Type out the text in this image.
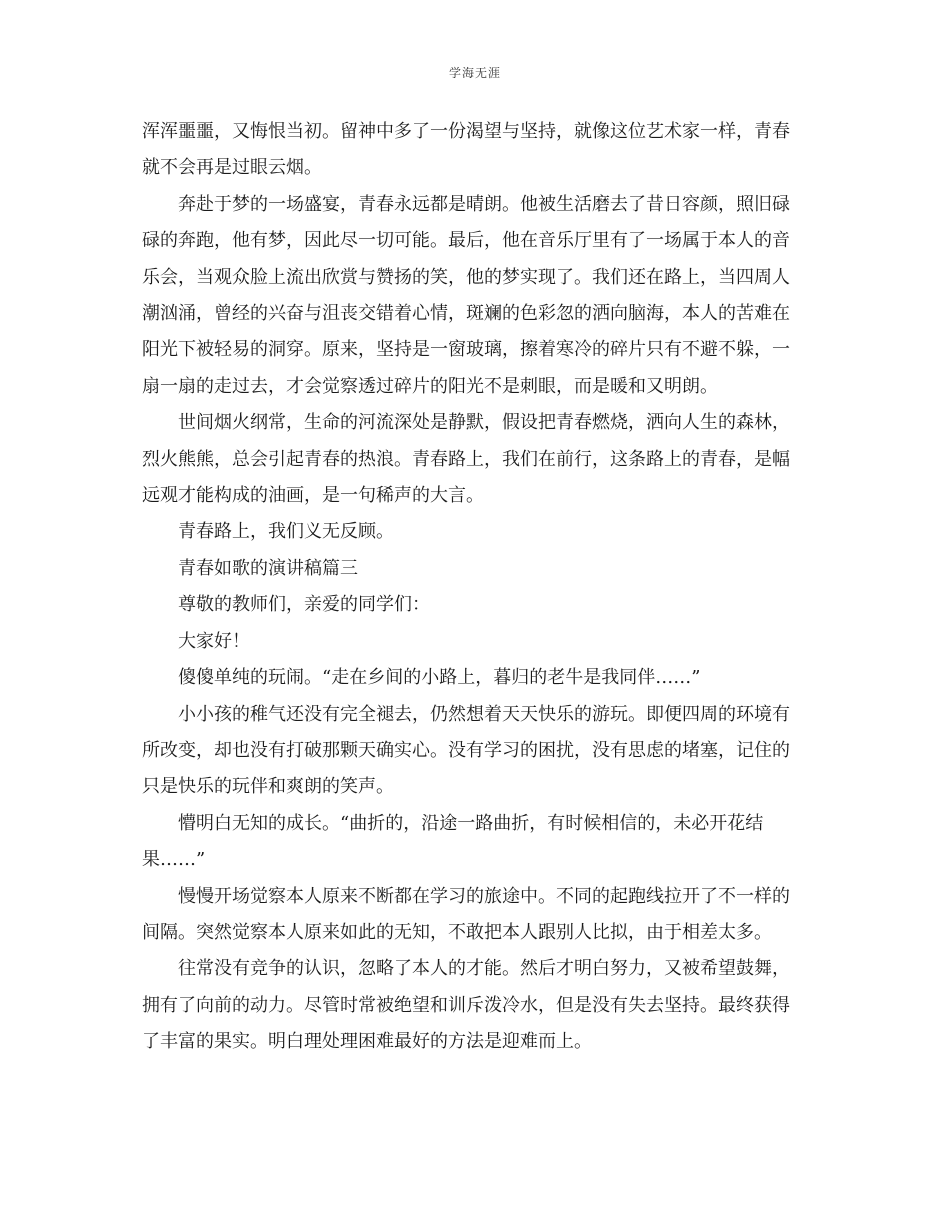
学海无涯

浑浑噩噩，又悔恨当初。留神中多了一份渴望与坚持，就像这位艺术家一样，青春就不会再是过眼云烟。

奔赴于梦的一场盛宴，青春永远都是晴朗。他被生活磨去了昔日容颜，照旧碌碌的奔跑，他有梦，因此尽一切可能。最后，他在音乐厅里有了一场属于本人的音乐会，当观众脸上流出欣赏与赞扬的笑，他的梦实现了。我们还在路上，当四周人潮汹涌，曾经的兴奋与沮丧交错着心情，斑斓的色彩忽的洒向脑海，本人的苦难在阳光下被轻易的洞穿。原来，坚持是一窗玻璃，擦着寒冷的碎片只有不避不躲，一扇一扇的走过去，才会觉察透过碎片的阳光不是刺眼，而是暖和又明朗。

世间烟火纲常，生命的河流深处是静默，假设把青春燃烧，洒向人生的森林，烈火熊熊，总会引起青春的热浪。青春路上，我们在前行，这条路上的青春，是幅远观才能构成的油画，是一句稀声的大言。

青春路上，我们义无反顾。

青春如歌的演讲稿篇三

尊敬的教师们，亲爱的同学们：

大家好！

傻傻单纯的玩闹。“走在乡间的小路上，暮归的老牛是我同伴……”

小小孩的稚气还没有完全褪去，仍然想着天天快乐的游玩。即便四周的环境有所改变，却也没有打破那颗天确实心。没有学习的困扰，没有思虑的堵塞，记住的只是快乐的玩伴和爽朗的笑声。

懵明白无知的成长。“曲折的，沿途一路曲折，有时候相信的，未必开花结果……”

慢慢开场觉察本人原来不断都在学习的旅途中。不同的起跑线拉开了不一样的间隔。突然觉察本人原来如此的无知，不敢把本人跟别人比拟，由于相差太多。

往常没有竞争的认识，忽略了本人的才能。然后才明白努力，又被希望鼓舞，拥有了向前的动力。尽管时常被绝望和训斥泼冷水，但是没有失去坚持。最终获得了丰富的果实。明白理处理困难最好的方法是迎难而上。
